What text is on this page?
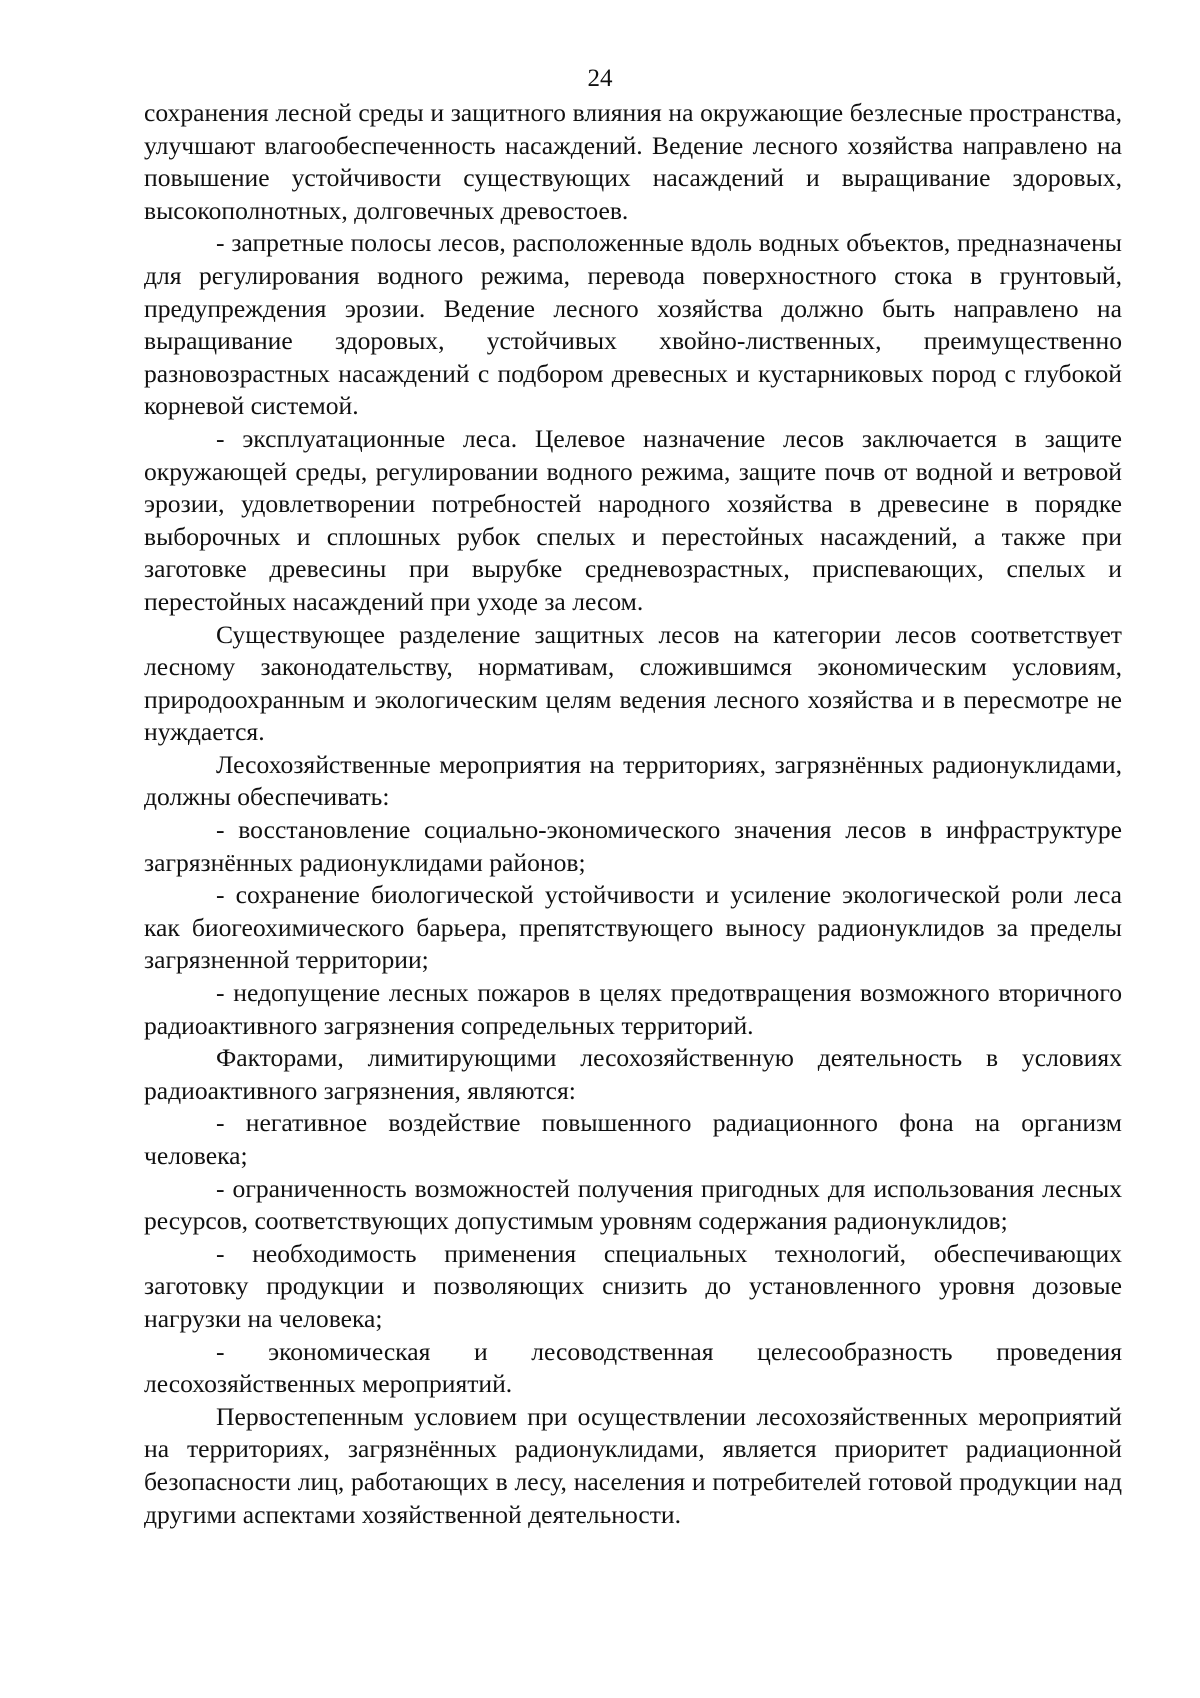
24

сохранения лесной среды и защитного влияния на окружающие безлесные пространства, улучшают влагообеспеченность насаждений. Ведение лесного хозяйства направлено на повышение устойчивости существующих насаждений и выращивание здоровых, высокополнотных, долговечных древостоев.

- запретные полосы лесов, расположенные вдоль водных объектов, предназначены для регулирования водного режима, перевода поверхностного стока в грунтовый, предупреждения эрозии. Ведение лесного хозяйства должно быть направлено на выращивание здоровых, устойчивых хвойно-лиственных, преимущественно разновозрастных насаждений с подбором древесных и кустарниковых пород с глубокой корневой системой.

- эксплуатационные леса. Целевое назначение лесов заключается в защите окружающей среды, регулировании водного режима, защите почв от водной и ветровой эрозии, удовлетворении потребностей народного хозяйства в древесине в порядке выборочных и сплошных рубок спелых и перестойных насаждений, а также при заготовке древесины при вырубке средневозрастных, приспевающих, спелых и перестойных насаждений при уходе за лесом.

Существующее разделение защитных лесов на категории лесов соответствует лесному законодательству, нормативам, сложившимся экономическим условиям, природоохранным и экологическим целям ведения лесного хозяйства и в пересмотре не нуждается.

Лесохозяйственные мероприятия на территориях, загрязнённых радионуклидами, должны обеспечивать:

- восстановление социально-экономического значения лесов в инфраструктуре загрязнённых радионуклидами районов;

- сохранение биологической устойчивости и усиление экологической роли леса как биогеохимического барьера, препятствующего выносу радионуклидов за пределы загрязненной территории;

- недопущение лесных пожаров в целях предотвращения возможного вторичного радиоактивного загрязнения сопредельных территорий.

Факторами, лимитирующими лесохозяйственную деятельность в условиях радиоактивного загрязнения, являются:

- негативное воздействие повышенного радиационного фона на организм человека;

- ограниченность возможностей получения пригодных для использования лесных ресурсов, соответствующих допустимым уровням содержания радионуклидов;

- необходимость применения специальных технологий, обеспечивающих заготовку продукции и позволяющих снизить до установленного уровня дозовые нагрузки на человека;

- экономическая и лесоводственная целесообразность проведения лесохозяйственных мероприятий.

Первостепенным условием при осуществлении лесохозяйственных мероприятий на территориях, загрязнённых радионуклидами, является приоритет радиационной безопасности лиц, работающих в лесу, населения и потребителей готовой продукции над другими аспектами хозяйственной деятельности.
